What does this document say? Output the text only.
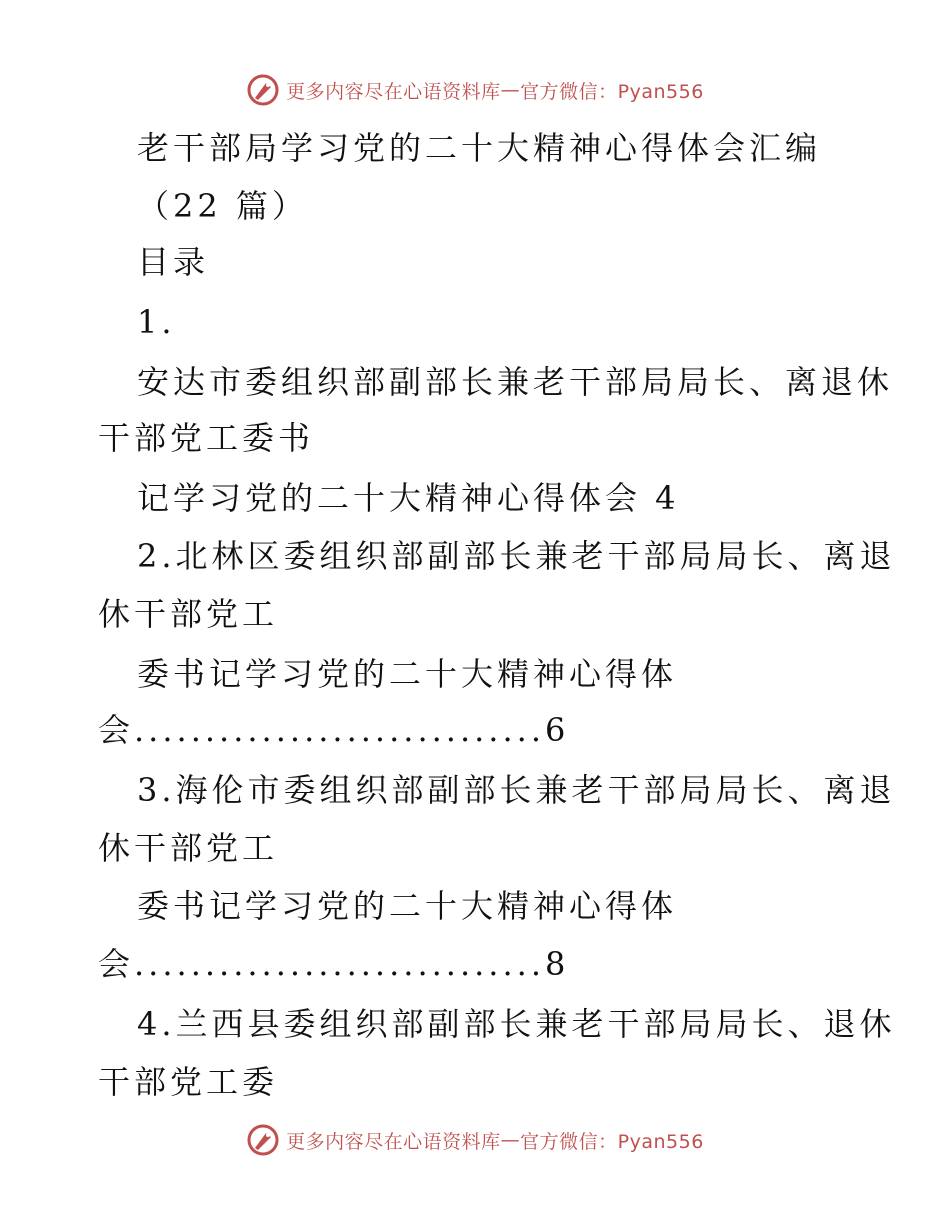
更多内容尽在心语资料库 — 官方微信：Pyan556
老干部局学习党的二十大精神心得体会汇编
（22 篇）
目录
1.
安达市委组织部副部长兼老干部局局长、离退休
干部党工委书
记学习党的二十大精神心得体会 4
2.北林区委组织部副部长兼老干部局局长、离退
休干部党工
委书记学习党的二十大精神心得体
会.............................6
3.海伦市委组织部副部长兼老干部局局长、离退
休干部党工
委书记学习党的二十大精神心得体
会.............................8
4.兰西县委组织部副部长兼老干部局局长、退休
干部党工委
更多内容尽在心语资料库 — 官方微信：Pyan556
